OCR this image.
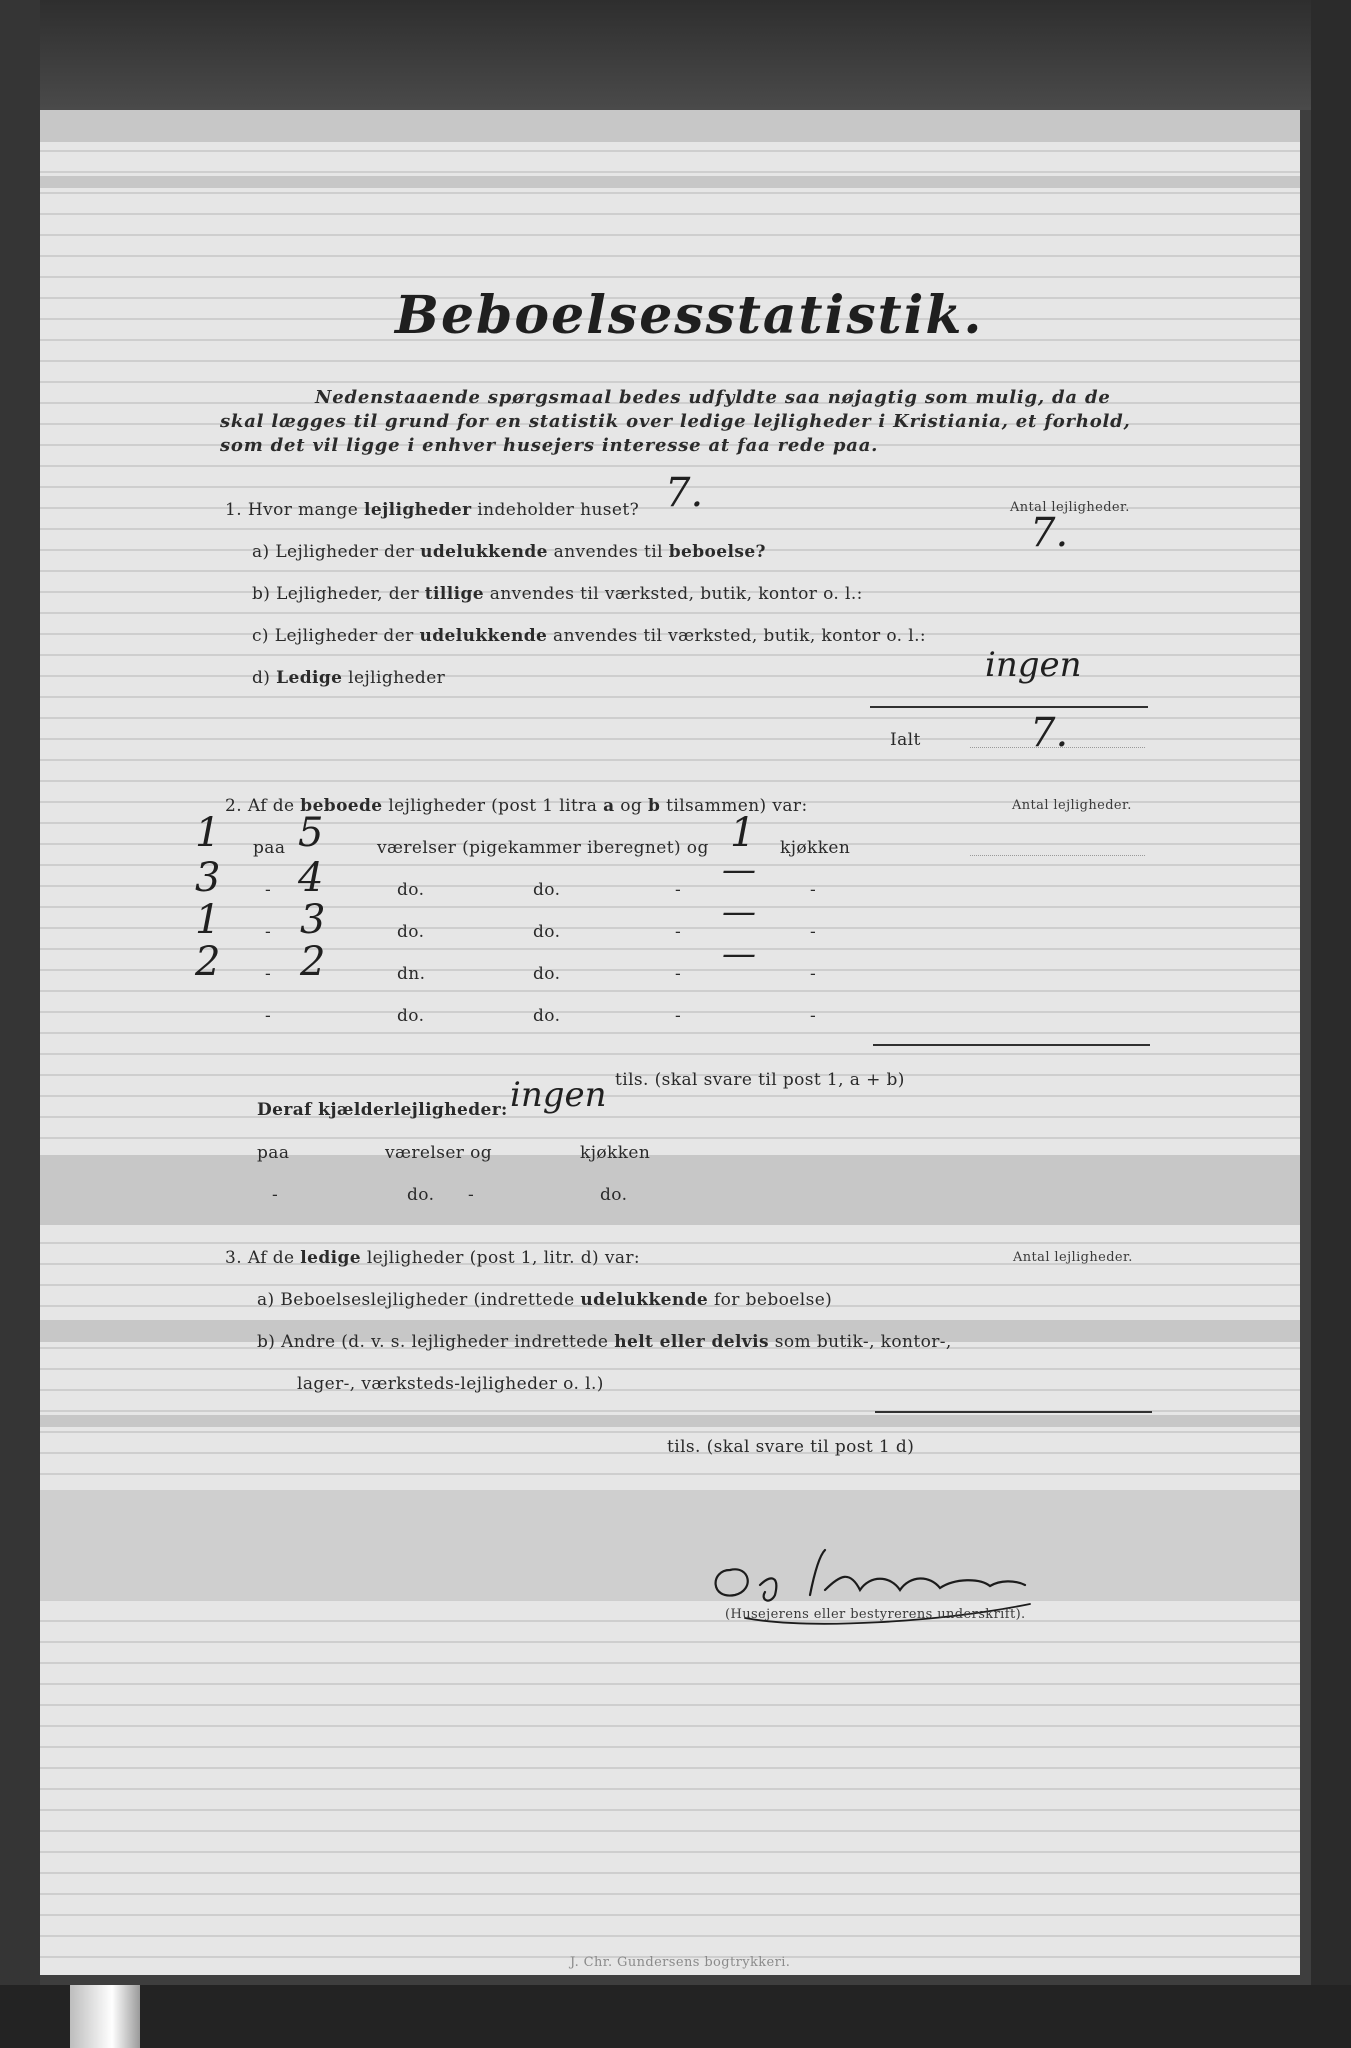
Beboelsesstatistik.
Nedenstaaende spørgsmaal bedes udfyldte saa nøjagtig som mulig, da de
skal lægges til grund for en statistik over ledige lejligheder i Kristiania, et forhold,
som det vil ligge i enhver husejers interesse at faa rede paa.
1. Hvor mange lejligheder indeholder huset? 7.	Antal lejligheder.
7.
a) Lejligheder der udelukkende anvendes til beboelse?
b) Lejligheder, der tillige anvendes til værksted, butik, kontor o. l.:
c) Lejligheder der udelukkende anvendes til værksted, butik, kontor o. l.:
d) Ledige lejligheder	ingen
Ialt	7.
2. Af de beboede lejligheder (post 1 litra a og b tilsammen) var:	Antal lejligheder.
1 paa 5	værelser (pigekammer iberegnet) og 1 kjøkken
3	- 4	do.	do.	- —	-
1	- 3	do.	do.	- —	-
2	- 2	dn.	do.	- —	-
-	do.	do.	-	-
tils. (skal svare til post 1, a + b)
Deraf kjælderlejligheder: ingen
paa	værelser og	kjøkken
-	do. -	do.
3. Af de ledige lejligheder (post 1, litr. d) var:	Antal lejligheder.
a) Beboelseslejligheder (indrettede udelukkende for beboelse)
b) Andre (d. v. s. lejligheder indrettede helt eller delvis som butik-, kontor-,
lager-, værksteds-lejligheder o. l.)
tils. (skal svare til post 1 d)
(Husejerens eller bestyrerens underskrift).
J. Chr. Gundersens bogtrykkeri.
